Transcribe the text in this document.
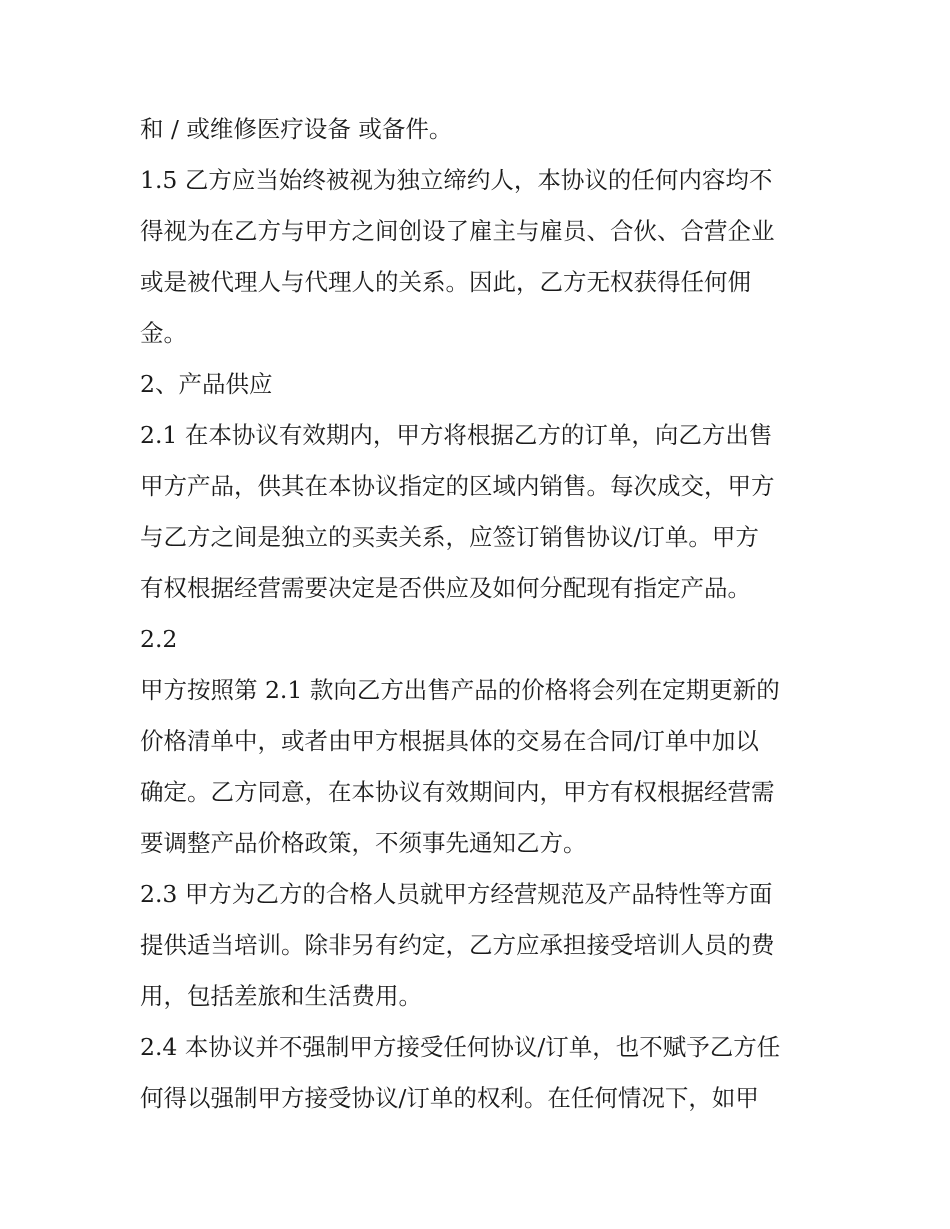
和 / 或维修医疗设备 或备件。
1.5 乙方应当始终被视为独立缔约人，本协议的任何内容均不
得视为在乙方与甲方之间创设了雇主与雇员、合伙、合营企业
或是被代理人与代理人的关系。因此，乙方无权获得任何佣
金。
2、产品供应
2.1 在本协议有效期内，甲方将根据乙方的订单，向乙方出售
甲方产品，供其在本协议指定的区域内销售。每次成交，甲方
与乙方之间是独立的买卖关系，应签订销售协议/订单。甲方
有权根据经营需要决定是否供应及如何分配现有指定产品。
2.2
甲方按照第 2.1 款向乙方出售产品的价格将会列在定期更新的
价格清单中，或者由甲方根据具体的交易在合同/订单中加以
确定。乙方同意，在本协议有效期间内，甲方有权根据经营需
要调整产品价格政策，不须事先通知乙方。
2.3 甲方为乙方的合格人员就甲方经营规范及产品特性等方面
提供适当培训。除非另有约定，乙方应承担接受培训人员的费
用，包括差旅和生活费用。
2.4 本协议并不强制甲方接受任何协议/订单，也不赋予乙方任
何得以强制甲方接受协议/订单的权利。在任何情况下，如甲
